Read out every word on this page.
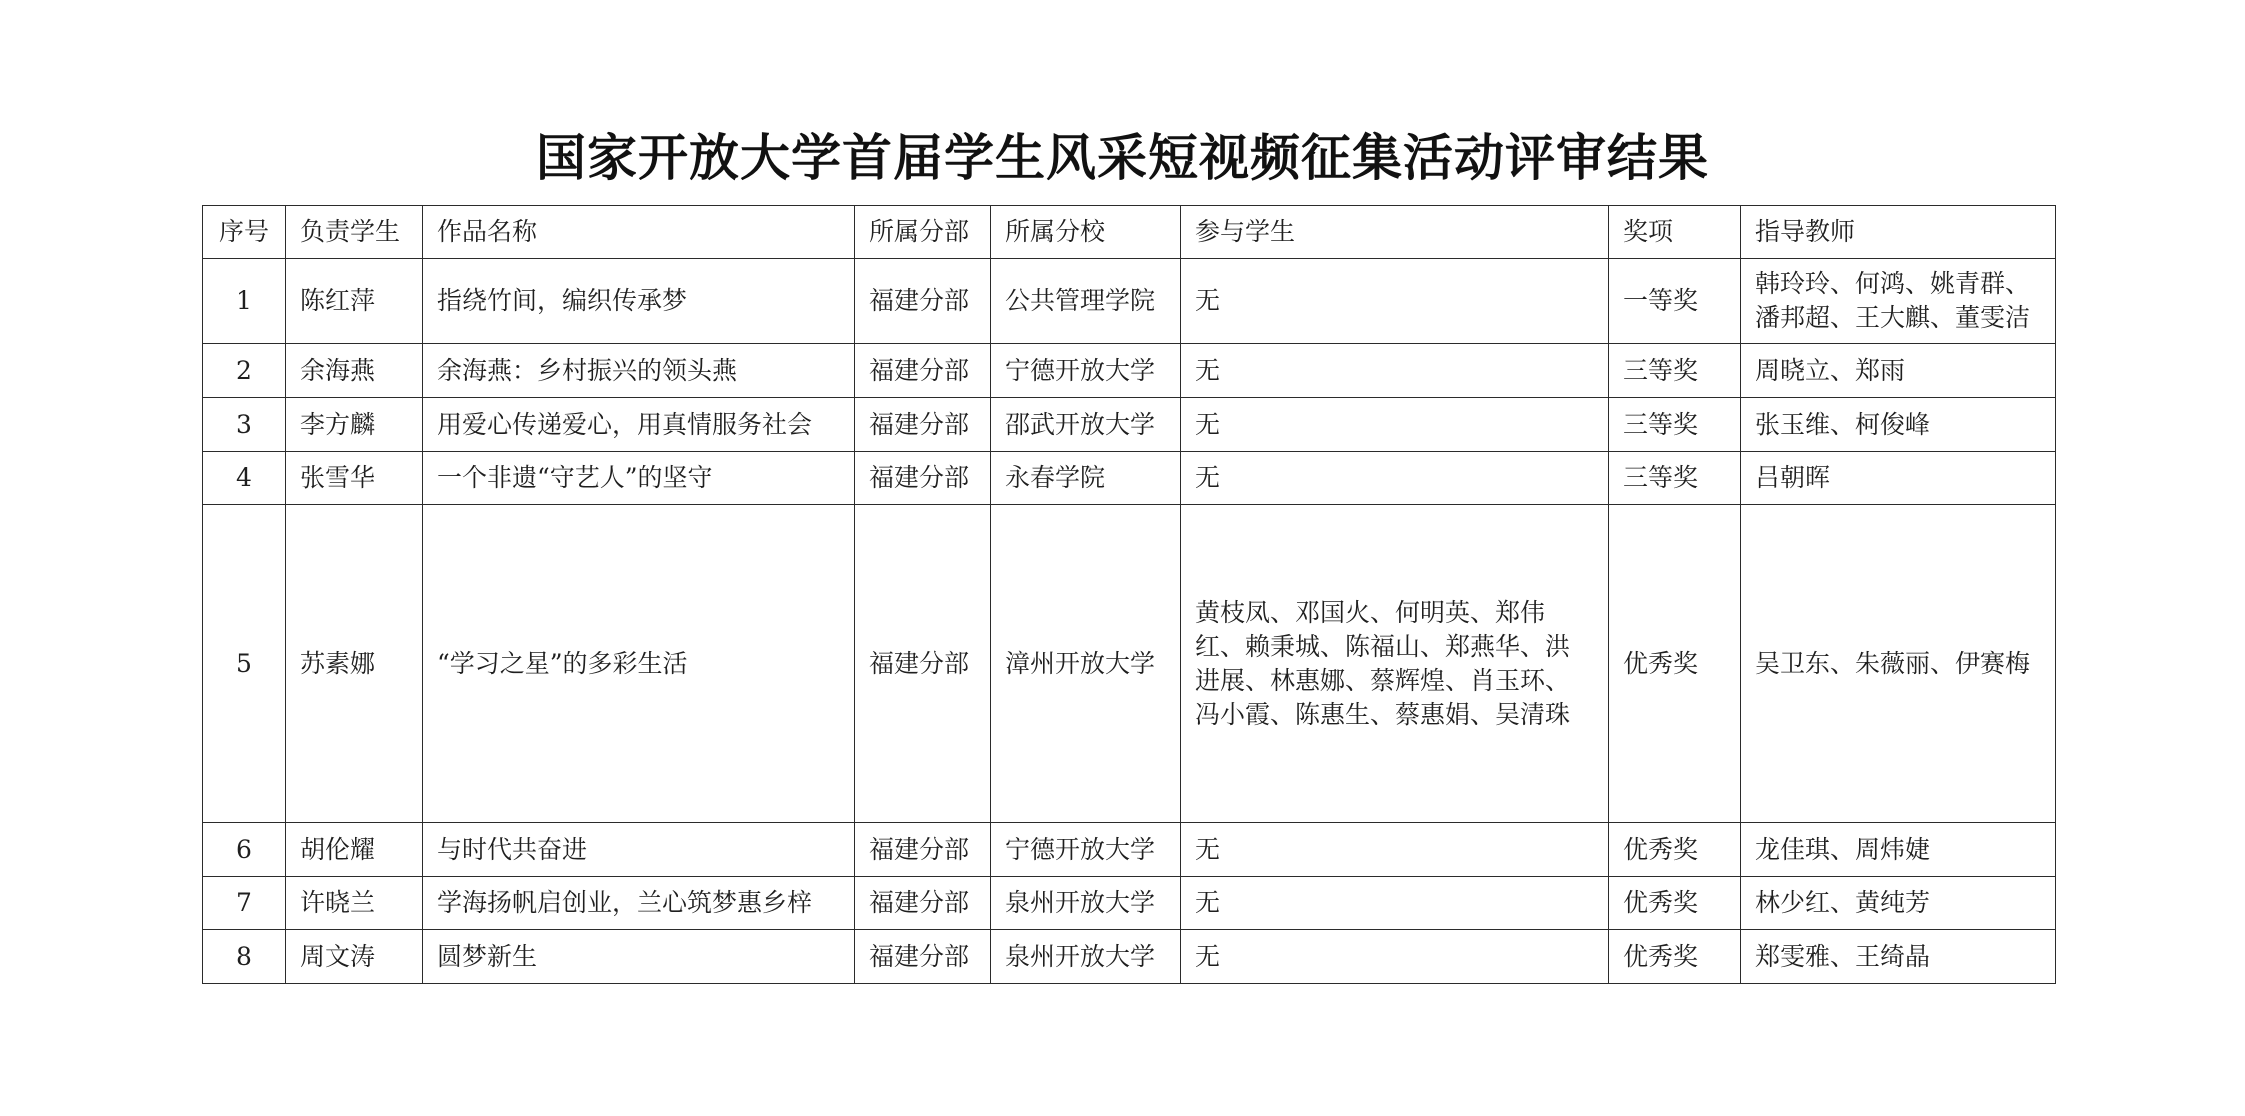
国家开放大学首届学生风采短视频征集活动评审结果
序号	负责学生	作品名称	所属分部	所属分校	参与学生	奖项	指导教师
1	陈红萍	指绕竹间，编织传承梦	福建分部	公共管理学院	无	一等奖	韩玲玲、何鸿、姚青群、潘邦超、王大麒、董雯洁
2	余海燕	余海燕：乡村振兴的领头燕	福建分部	宁德开放大学	无	三等奖	周晓立、郑雨
3	李方麟	用爱心传递爱心，用真情服务社会	福建分部	邵武开放大学	无	三等奖	张玉维、柯俊峰
4	张雪华	一个非遗“守艺人”的坚守	福建分部	永春学院	无	三等奖	吕朝晖
5	苏素娜	“学习之星”的多彩生活	福建分部	漳州开放大学	黄枝凤、邓国火、何明英、郑伟红、赖秉城、陈福山、郑燕华、洪进展、林惠娜、蔡辉煌、肖玉环、冯小霞、陈惠生、蔡惠娟、吴清珠	优秀奖	吴卫东、朱薇丽、伊赛梅
6	胡伦耀	与时代共奋进	福建分部	宁德开放大学	无	优秀奖	龙佳琪、周炜婕
7	许晓兰	学海扬帆启创业，兰心筑梦惠乡梓	福建分部	泉州开放大学	无	优秀奖	林少红、黄纯芳
8	周文涛	圆梦新生	福建分部	泉州开放大学	无	优秀奖	郑雯雅、王绮晶
